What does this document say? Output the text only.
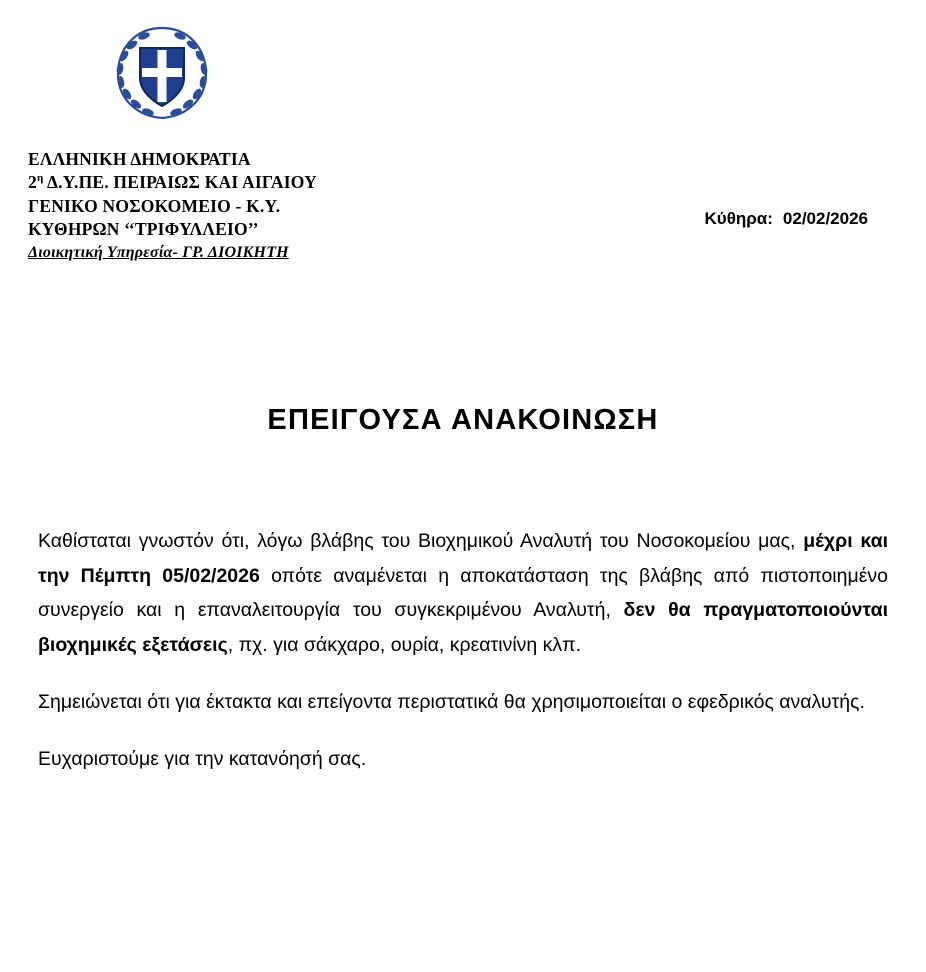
ΕΛΛΗΝΙΚΗ ΔΗΜΟΚΡΑΤΙΑ
$2^\eta$ Δ.Υ.ΠΕ. ΠΕΙΡΑΙΩΣ ΚΑΙ ΑΙΓΑΙΟΥ
ΓΕΝΙΚΟ ΝΟΣΟΚΟΜΕΙΟ - Κ.Υ.
ΚΥΘΗΡΩΝ ‘‘ΤΡΙΦΥΛΛΕΙΟ’’
Διοικητική Υπηρεσία- ΓΡ. ΔΙΟΙΚΗΤΗ
Κύθηρα: 02/02/2026
ΕΠΕΙΓΟΥΣΑ ΑΝΑΚΟΙΝΩΣΗ

Καθίσταται γνωστόν ότι, λόγω βλάβης του Βιοχημικού Αναλυτή του Νοσοκομείου μας, μέχρι και την Πέμπτη 05/02/2026 οπότε αναμένεται η αποκατάσταση της βλάβης από πιστοποιημένο συνεργείο και η επαναλειτουργία του συγκεκριμένου Αναλυτή, δεν θα πραγματοποιούνται βιοχημικές εξετάσεις, πχ. για σάκχαρο, ουρία, κρεατινίνη κλπ.

Σημειώνεται ότι για έκτακτα και επείγοντα περιστατικά θα χρησιμοποιείται ο εφεδρικός αναλυτής.

Ευχαριστούμε για την κατανόησή σας.
